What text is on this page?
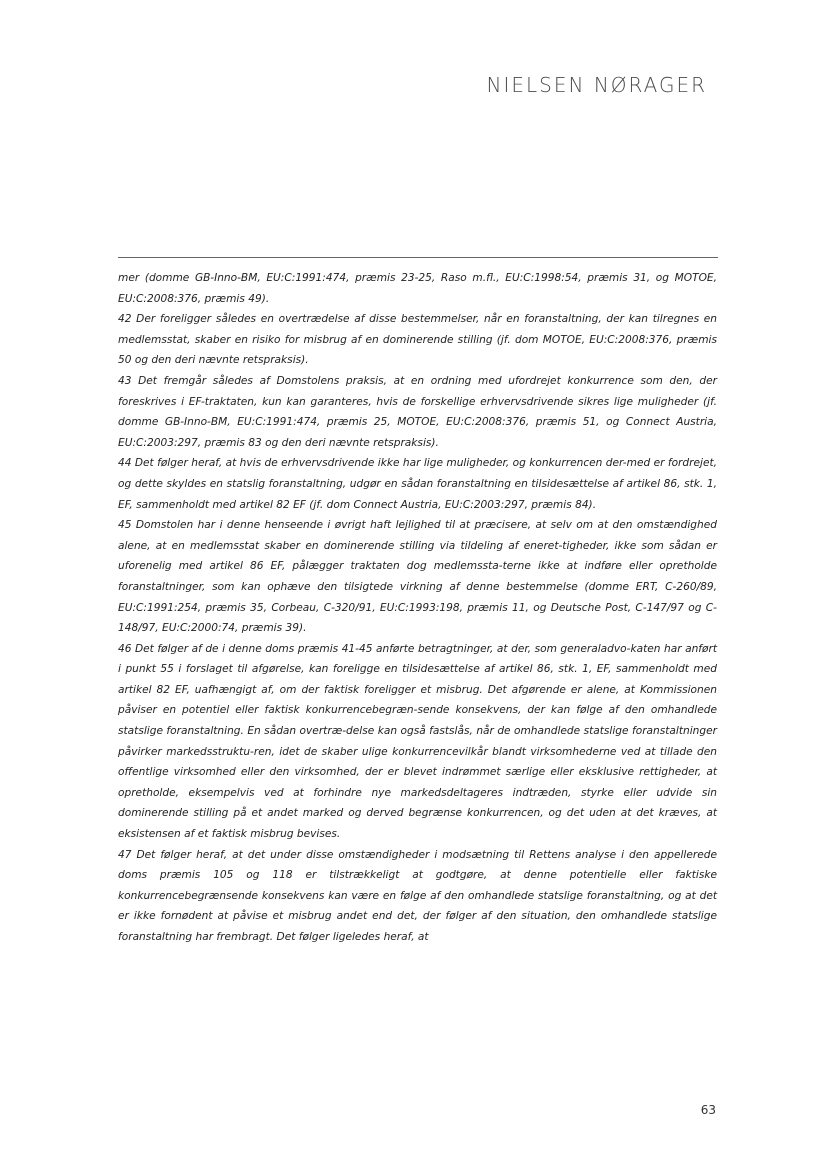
NIELSEN NØRAGER

mer (domme GB-Inno-BM, EU:C:1991:474, præmis 23-25, Raso m.fl., EU:C:1998:54, præmis 31, og MOTOE, EU:C:2008:376, præmis 49).

42 Der foreligger således en overtrædelse af disse bestemmelser, når en foranstaltning, der kan tilregnes en medlemsstat, skaber en risiko for misbrug af en dominerende stilling (jf. dom MOTOE, EU:C:2008:376, præmis 50 og den deri nævnte retspraksis).

43 Det fremgår således af Domstolens praksis, at en ordning med ufordrejet konkurrence som den, der foreskrives i EF-traktaten, kun kan garanteres, hvis de forskellige erhvervsdrivende sikres lige muligheder (jf. domme GB-Inno-BM, EU:C:1991:474, præmis 25, MOTOE, EU:C:2008:376, præmis 51, og Connect Austria, EU:C:2003:297, præmis 83 og den deri nævnte retspraksis).

44 Det følger heraf, at hvis de erhvervsdrivende ikke har lige muligheder, og konkurrencen der-med er fordrejet, og dette skyldes en statslig foranstaltning, udgør en sådan foranstaltning en tilsidesættelse af artikel 86, stk. 1, EF, sammenholdt med artikel 82 EF (jf. dom Connect Austria, EU:C:2003:297, præmis 84).

45 Domstolen har i denne henseende i øvrigt haft lejlighed til at præcisere, at selv om at den omstændighed alene, at en medlemsstat skaber en dominerende stilling via tildeling af eneret-tigheder, ikke som sådan er uforenelig med artikel 86 EF, pålægger traktaten dog medlemssta-terne ikke at indføre eller opretholde foranstaltninger, som kan ophæve den tilsigtede virkning af denne bestemmelse (domme ERT, C-260/89, EU:C:1991:254, præmis 35, Corbeau, C-320/91, EU:C:1993:198, præmis 11, og Deutsche Post, C-147/97 og C-148/97, EU:C:2000:74, præmis 39).

46 Det følger af de i denne doms præmis 41-45 anførte betragtninger, at der, som generaladvo-katen har anført i punkt 55 i forslaget til afgørelse, kan foreligge en tilsidesættelse af artikel 86, stk. 1, EF, sammenholdt med artikel 82 EF, uafhængigt af, om der faktisk foreligger et misbrug. Det afgørende er alene, at Kommissionen påviser en potentiel eller faktisk konkurrencebegræn-sende konsekvens, der kan følge af den omhandlede statslige foranstaltning. En sådan overtræ-delse kan også fastslås, når de omhandlede statslige foranstaltninger påvirker markedsstruktu-ren, idet de skaber ulige konkurrencevilkår blandt virksomhederne ved at tillade den offentlige virksomhed eller den virksomhed, der er blevet indrømmet særlige eller eksklusive rettigheder, at opretholde, eksempelvis ved at forhindre nye markedsdeltageres indtræden, styrke eller udvide sin dominerende stilling på et andet marked og derved begrænse konkurrencen, og det uden at det kræves, at eksistensen af et faktisk misbrug bevises.

47 Det følger heraf, at det under disse omstændigheder i modsætning til Rettens analyse i den appellerede doms præmis 105 og 118 er tilstrækkeligt at godtgøre, at denne potentielle eller faktiske konkurrencebegrænsende konsekvens kan være en følge af den omhandlede statslige foranstaltning, og at det er ikke fornødent at påvise et misbrug andet end det, der følger af den situation, den omhandlede statslige foranstaltning har frembragt. Det følger ligeledes heraf, at

63
